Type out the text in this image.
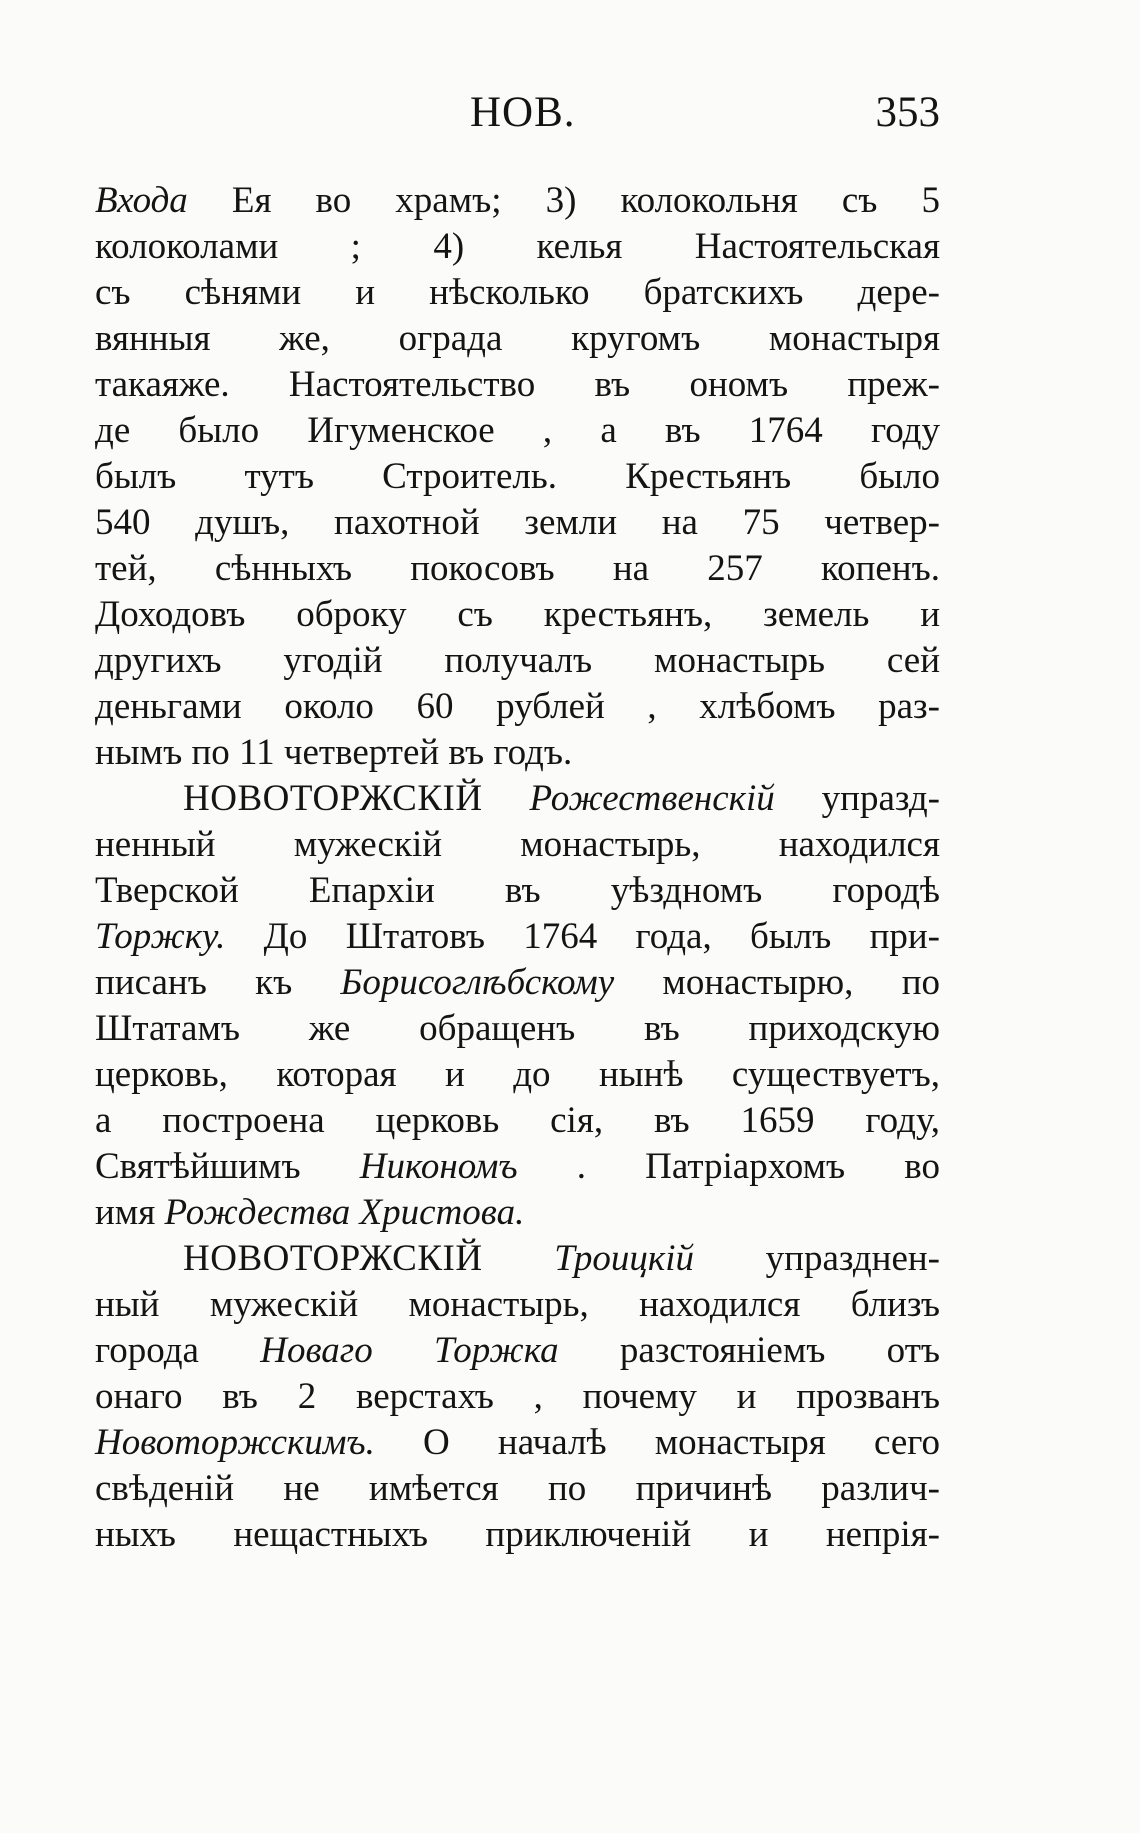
НОВ.	353
Входа Ея во храмъ; 3) колокольня съ 5
колоколами ; 4) келья Настоятельская
съ сѣнями и нѣсколько братскихъ дере-
вянныя же, ограда кругомъ монастыря
такаяже. Настоятельство въ ономъ преж-
де было Игуменское , а въ 1764 году
былъ тутъ Строитель. Крестьянъ было
540 душъ, пахотной земли на 75 четвер-
тей, сѣнныхъ покосовъ на 257 копенъ.
Доходовъ оброку съ крестьянъ, земель и
другихъ угодій получалъ монастырь сей
деньгами около 60 рублей , хлѣбомъ раз-
нымъ по 11 четвертей въ годъ.
НОВОТОРЖСКІЙ Рожественскій упразд-
ненный мужескій монастырь, находился
Тверской Епархіи въ уѣздномъ городѣ
Торжку. До Штатовъ 1764 года, былъ при-
писанъ къ Борисоглѣбскому монастырю, по
Штатамъ же обращенъ въ приходскую
церковь, которая и до нынѣ существуетъ,
а построена церковь сія, въ 1659 году,
Святѣйшимъ Никономъ . Патріархомъ во
имя Рождества Христова.
НОВОТОРЖСКІЙ Троицкій упразднен-
ный мужескій монастырь, находился близъ
города Новаго Торжка разстояніемъ отъ
онаго въ 2 верстахъ , почему и прозванъ
Новоторжскимъ. О началѣ монастыря сего
свѣденій не имѣется по причинѣ различ-
ныхъ нещастныхъ приключеній и непрія-
